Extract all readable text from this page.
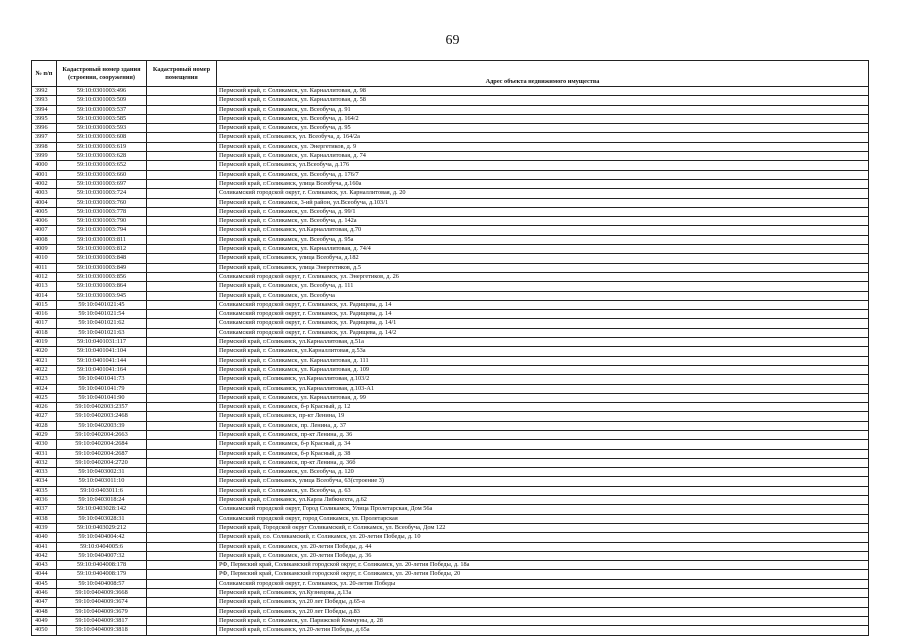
69
№ п/п	Кадастровый номер здания (строения, сооружения)	Кадастровый номер помещения	
			Адрес объекта недвижимого имущества
3992	59:10:0301003:496		Пермский край, г. Соликамск, ул. Карналлитовая, д. 98
3993	59:10:0301003:509		Пермский край, г. Соликамск, ул. Карналлитовая, д. 58
3994	59:10:0301003:537		Пермский край, г. Соликамск, ул. Всеобуча, д. 91
3995	59:10:0301003:585		Пермский край, г. Соликамск, ул. Всеобуча, д. 164/2
3996	59:10:0301003:593		Пермский край, г. Соликамск, ул. Всеобуча, д. 95
3997	59:10:0301003:608		Пермский край, г.Соликамск, ул. Всеобуча, д. 164/2а
3998	59:10:0301003:619		Пермский край, г. Соликамск, ул. Энергетиков, д. 9
3999	59:10:0301003:628		Пермский край, г. Соликамск, ул. Карналлитовая, д. 74
4000	59:10:0301003:652		Пермский край, г.Соликамск, ул.Всеобуча, д.176
4001	59:10:0301003:660		Пермский край, г. Соликамск, ул. Всеобуча, д. 176/7
4002	59:10:0301003:697		Пермский край, г.Соликамск, улица Всеобуча, д.160а
4003	59:10:0301003:724		Соликамский городской округ, г. Соликамск, ул. Карналлитовая, д. 20
4004	59:10:0301003:760		Пермский край, г. Соликамск, 3-ий район, ул.Всеобуча, д.103/1
4005	59:10:0301003:778		Пермский край, г. Соликамск, ул. Всеобуча, д. 99/1
4006	59:10:0301003:790		Пермский край, г. Соликамск, ул. Всеобуча, д. 142а
4007	59:10:0301003:794		Пермский край, г.Соликамск, ул.Карналлитовая, д.70
4008	59:10:0301003:811		Пермский край, г. Соликамск, ул. Всеобуча, д. 95а
4009	59:10:0301003:812		Пермский край, г. Соликамск, ул. Карналлитовая, д. 74/4
4010	59:10:0301003:848		Пермский край, г.Соликамск, улица Всеобуча, д.182
4011	59:10:0301003:849		Пермский край, г.Соликамск, улица Энергетиков, д.5
4012	59:10:0301003:856		Соликамский городской округ, г. Соликамск, ул. Энергетиков, д. 26
4013	59:10:0301003:864		Пермский край, г. Соликамск, ул. Всеобуча, д. 111
4014	59:10:0301003:945		Пермский край, г. Соликамск, ул. Всеобуча
4015	59:10:0401021:45		Соликамский городской округ, г. Соликамск, ул. Радищева, д. 14
4016	59:10:0401021:54		Соликамский городской округ, г. Соликамск, ул. Радищева, д. 14
4017	59:10:0401021:62		Соликамский городской округ, г. Соликамск, ул. Радищева, д. 14/1
4018	59:10:0401021:63		Соликамский городской округ, г. Соликамск, ул. Радищева, д. 14/2
4019	59:10:0401031:117		Пермский край, г.Соликамск, ул.Карналлитовая, д.51а
4020	59:10:0401041:104		Пермский край, г. Соликамск, ул.Карналлитовая, д.53а
4021	59:10:0401041:144		Пермский край, г. Соликамск, ул. Карналлитовая, д. 111
4022	59:10:0401041:164		Пермский край, г. Соликамск, ул. Карналлитовая, д. 109
4023	59:10:0401041:73		Пермский край, г.Соликамск, ул.Карналлитовая, д.103/2
4024	59:10:0401041:79		Пермский край, г.Соликамск, ул.Карналлитовая, д.103-А1
4025	59:10:0401041:90		Пермский край, г. Соликамск, ул. Карналлитовая, д. 99
4026	59:10:0402003:2357		Пермский край, г. Соликамск, б-р Красный, д. 12
4027	59:10:0402003:2468		Пермский край, г.Соликамск, пр-кт Ленина, 19
4028	59:10:0402003:39		Пермский край, г. Соликамск, пр. Ленина, д. 37
4029	59:10:0402004:2663		Пермский край, г. Соликамск, пр-кт Ленина, д. 36
4030	59:10:0402004:2684		Пермский край, г. Соликамск, б-р Красный, д. 34
4031	59:10:0402004:2687		Пермский край, г. Соликамск, б-р Красный, д. 38
4032	59:10:0402004:2720		Пермский край, г. Соликамск, пр-кт Ленина, д. 36б
4033	59:10:0403002:31		Пермский край, г. Соликамск, ул. Всеобуча, д. 120
4034	59:10:0403011:10		Пермский край, г.Соликамск, улица Всеобуча, 63(строение 3)
4035	59:10:0403011:6		Пермский край, г. Соликамск, ул. Всеобуча, д. 63
4036	59:10:0403018:24		Пермский край, г.Соликамск, ул.Карла Либкнехта, д.62
4037	59:10:0403028:142		Соликамский городской округ, Город Соликамск, Улица Пролетарская, Дом 56а
4038	59:10:0403028:31		Соликамский городской округ, город Соликамск, ул. Пролетарская
4039	59:10:0403029:212		Пермский край, Городской округ Соликамский, г. Соликамск, ул. Всеобуча, Дом 122
4040	59:10:0404004:42		Пермский край, г.о. Соликамский, г. Соликамск, ул. 20-летия Победы, д. 10
4041	59:10:0404005:6		Пермский край, г. Соликамск, ул. 20-летия Победы, д. 44
4042	59:10:0404007:32		Пермский край, г. Соликамск, ул. 20-летия Победы, д. 36
4043	59:10:0404008:178		РФ, Пермский край, Соликамский городской округ, г. Соликамск, ул. 20-летия Победы, д. 18а
4044	59:10:0404008:179		РФ, Пермский край, Соликамский городской округ, г. Соликамск, ул. 20-летия Победы, 20
4045	59:10:0404008:57		Соликамский городской округ, г. Соликамск, ул. 20-летия Победы
4046	59:10:0404009:3668		Пермский край, г.Соликамск, ул.Кузнецова, д.13а
4047	59:10:0404009:3674		Пермский край, г.Соликамск, ул.20 лет Победы, д.65-а
4048	59:10:0404009:3679		Пермский край, г.Соликамск, ул.20 лет Победы, д.83
4049	59:10:0404009:3817		Пермский край, г. Соликамск, ул. Парижской Коммуны, д. 28
4050	59:10:0404009:3818		Пермский край, г.Соликамск, ул.20-летия Победы, д.65а
